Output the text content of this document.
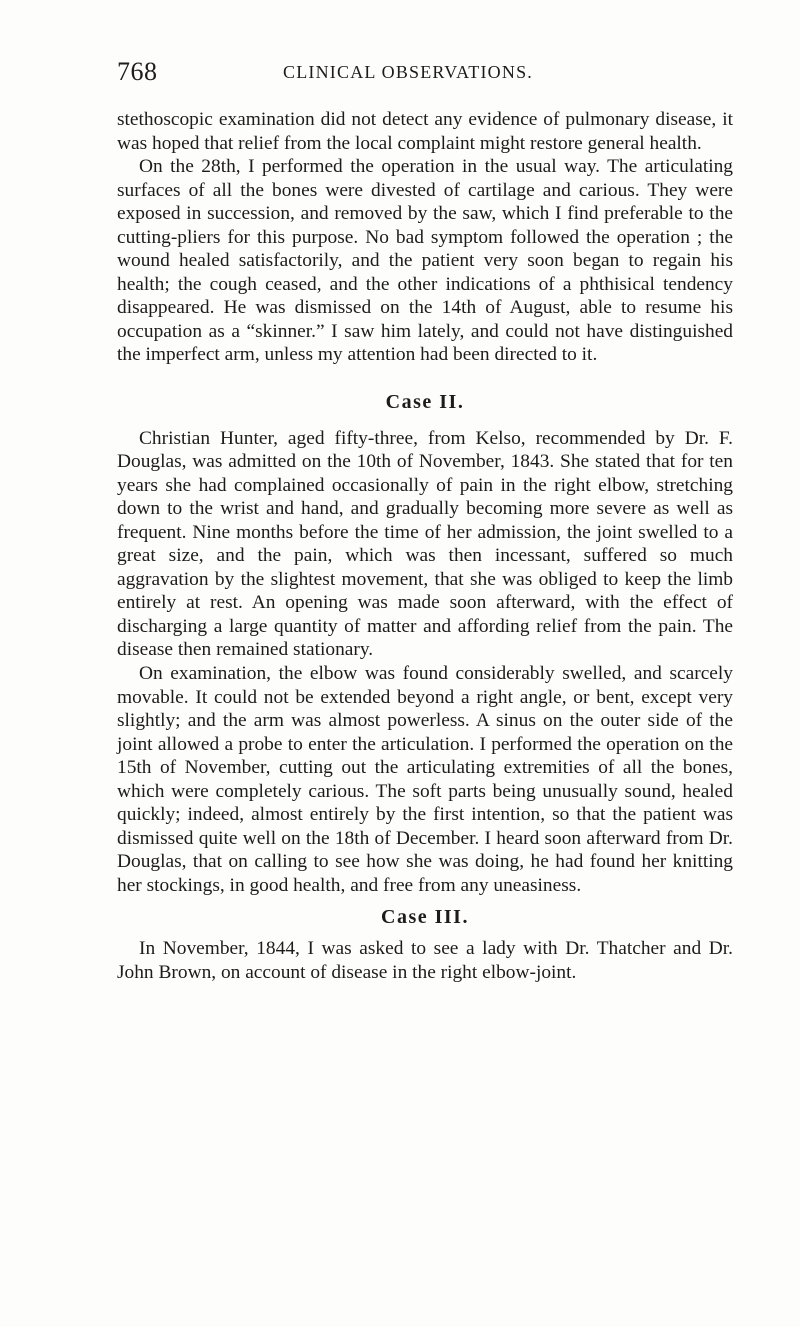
768	CLINICAL OBSERVATIONS.

stethoscopic examination did not detect any evidence of pulmonary disease, it was hoped that relief from the local complaint might restore general health.

On the 28th, I performed the operation in the usual way. The articulating surfaces of all the bones were divested of cartilage and carious. They were exposed in succession, and removed by the saw, which I find preferable to the cutting-pliers for this purpose. No bad symptom followed the operation ; the wound healed satisfactorily, and the patient very soon began to regain his health; the cough ceased, and the other indications of a phthisical tendency disappeared. He was dismissed on the 14th of August, able to resume his occupation as a “skinner.” I saw him lately, and could not have distinguished the imperfect arm, unless my attention had been directed to it.

Case II.

Christian Hunter, aged fifty-three, from Kelso, recommended by Dr. F. Douglas, was admitted on the 10th of November, 1843. She stated that for ten years she had complained occasionally of pain in the right elbow, stretching down to the wrist and hand, and gradually becoming more severe as well as frequent. Nine months before the time of her admission, the joint swelled to a great size, and the pain, which was then incessant, suffered so much aggravation by the slightest movement, that she was obliged to keep the limb entirely at rest. An opening was made soon afterward, with the effect of discharging a large quantity of matter and affording relief from the pain. The disease then remained stationary.

On examination, the elbow was found considerably swelled, and scarcely movable. It could not be extended beyond a right angle, or bent, except very slightly; and the arm was almost powerless. A sinus on the outer side of the joint allowed a probe to enter the articulation. I performed the operation on the 15th of November, cutting out the articulating extremities of all the bones, which were completely carious. The soft parts being unusually sound, healed quickly; indeed, almost entirely by the first intention, so that the patient was dismissed quite well on the 18th of December. I heard soon afterward from Dr. Douglas, that on calling to see how she was doing, he had found her knitting her stockings, in good health, and free from any uneasiness.

Case III.

In November, 1844, I was asked to see a lady with Dr. Thatcher and Dr. John Brown, on account of disease in the right elbow-joint.
